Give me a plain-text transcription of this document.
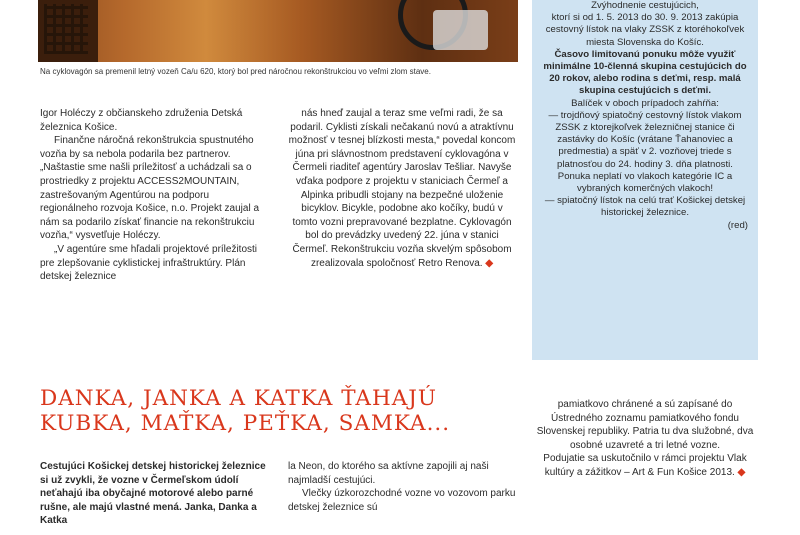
Na cyklovagón sa premenil letný vozeň Ca/u 620, ktorý bol pred náročnou rekonštrukciou vo veľmi zlom stave.

Igor Holéczy z občianskeho združenia Detská železnica Košice.

Finančne náročná rekonštrukcia spustnutého vozňa by sa nebola podarila bez partnerov. „Naštastie sme našli príležitosť a uchádzali sa o prostriedky z projektu ACCESS2MOUNTAIN, zastrešovaným Agentúrou na podporu regionálneho rozvoja Košice, n.o. Projekt zaujal a nám sa podarilo získať financie na rekonštrukciu vozňa,“ vysvetľuje Holéczy.

„V agentúre sme hľadali projektové príležitosti pre zlepšovanie cyklistickej infraštruktúry. Plán detskej železnice

nás hneď zaujal a teraz sme veľmi radi, že sa podaril. Cyklisti získali nečakanú novú a atraktívnu možnosť v tesnej blízkosti mesta,“ povedal koncom júna pri slávnostnom predstavení cyklovagóna v Čermeli riaditeľ agentúry Jaroslav Tešliar. Navyše vďaka podpore z projektu v staniciach Čermeľ a Alpinka pribudli stojany na bezpečné uloženie bicyklov. Bicykle, podobne ako kočíky, budú v tomto vozni prepravované bezplatne. Cyklovagón bol do prevádzky uvedený 22. júna v stanici Čermeľ. Rekonštrukciu vozňa skvelým spôsobom zrealizovala spoločnosť Retro Renova. ◆

Zvýhodnenie cestujúcich,

ktorí si od 1. 5. 2013 do 30. 9. 2013 zakúpia cestovný lístok na vlaky ZSSK z ktoréhokoľvek miesta Slovenska do Košíc.

Časovo limitovanú ponuku môže využiť minimálne 10-členná skupina cestujúcich do 20 rokov, alebo rodina s deťmi, resp. malá skupina cestujúcich s deťmi.

Balíček v oboch prípadoch zahŕňa:

— trojdňový spiatočný cestovný lístok vlakom ZSSK z ktorejkoľvek železničnej stanice či zastávky do Košíc (vrátane Ťahanoviec a predmestia) a späť v 2. vozňovej triede s platnosťou do 24. hodiny 3. dňa platnosti. Ponuka neplatí vo vlakoch kategórie IC a vybraných komerčných vlakoch!

— spiatočný lístok na celú trať Košickej detskej historickej železnice.

(red)

DANKA, JANKA A KATKA ŤAHAJÚ
KUBKA, MAŤKA, PEŤKA, SAMKA...

Cestujúci Košickej detskej historickej železnice si už zvykli, že vozne v Čermeľskom údolí neťahajú iba obyčajné motorové alebo parné rušne, ale majú vlastné mená. Janka, Danka a Katka

la Neon, do ktorého sa aktívne zapojili aj naši najmladší cestujúci.

Vlečky úzkorozchodné vozne vo vozovom parku detskej železnice sú

pamiatkovo chránené a sú zapísané do Ústredného zoznamu pamiatkového fondu Slovenskej republiky. Patria tu dva služobné, dva osobné uzavreté a tri letné vozne.

Podujatie sa uskutočnilo v rámci projektu Vlak kultúry a zážitkov – Art & Fun Košice 2013. ◆
